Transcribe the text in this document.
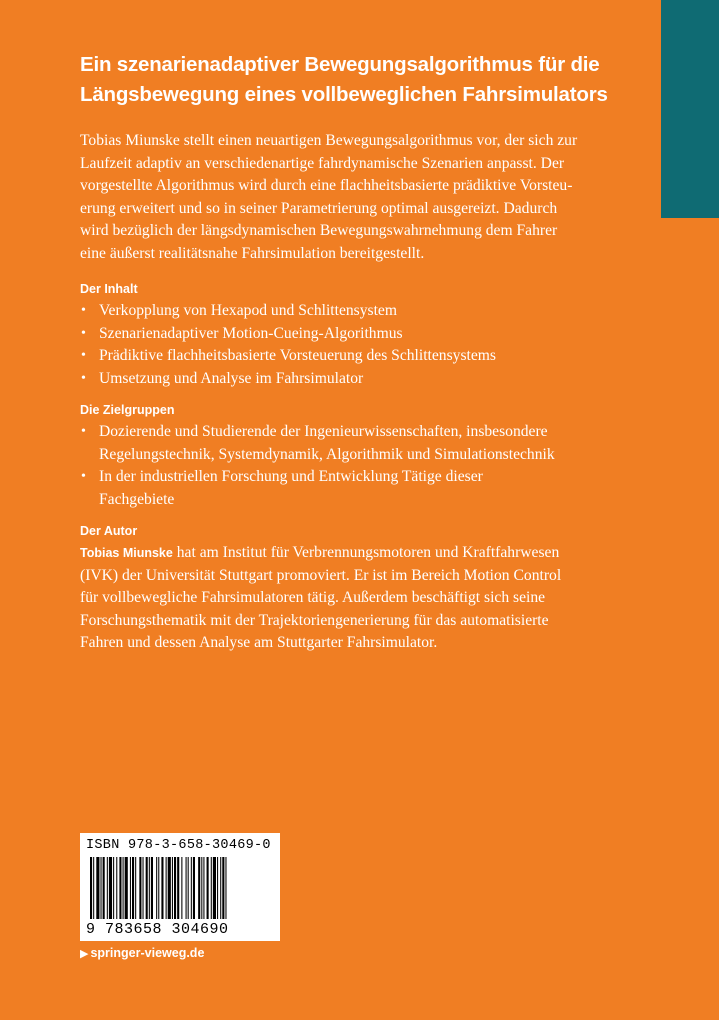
Ein szenarienadaptiver Bewegungsalgorithmus für die
Längsbewegung eines vollbeweglichen Fahrsimulators
Tobias Miunske stellt einen neuartigen Bewegungsalgorithmus vor, der sich zur
Laufzeit adaptiv an verschiedenartige fahrdynamische Szenarien anpasst. Der
vorgestellte Algorithmus wird durch eine flachheitsbasierte prädiktive Vorsteu-
erung erweitert und so in seiner Parametrierung optimal ausgereizt. Dadurch
wird bezüglich der längsdynamischen Bewegungswahrnehmung dem Fahrer
eine äußerst realitätsnahe Fahrsimulation bereitgestellt.
Der Inhalt
• Verkopplung von Hexapod und Schlittensystem
• Szenarienadaptiver Motion-Cueing-Algorithmus
• Prädiktive flachheitsbasierte Vorsteuerung des Schlittensystems
• Umsetzung und Analyse im Fahrsimulator
Die Zielgruppen
• Dozierende und Studierende der Ingenieurwissenschaften, insbesondere
Regelungstechnik, Systemdynamik, Algorithmik und Simulationstechnik
• In der industriellen Forschung und Entwicklung Tätige dieser
Fachgebiete
Der Autor
Tobias Miunske hat am Institut für Verbrennungsmotoren und Kraftfahrwesen
(IVK) der Universität Stuttgart promoviert. Er ist im Bereich Motion Control
für vollbewegliche Fahrsimulatoren tätig. Außerdem beschäftigt sich seine
Forschungsthematik mit der Trajektoriengenerierung für das automatisierte
Fahren und dessen Analyse am Stuttgarter Fahrsimulator.
ISBN 978-3-658-30469-0
9 783658 304690
▶ springer-vieweg.de
